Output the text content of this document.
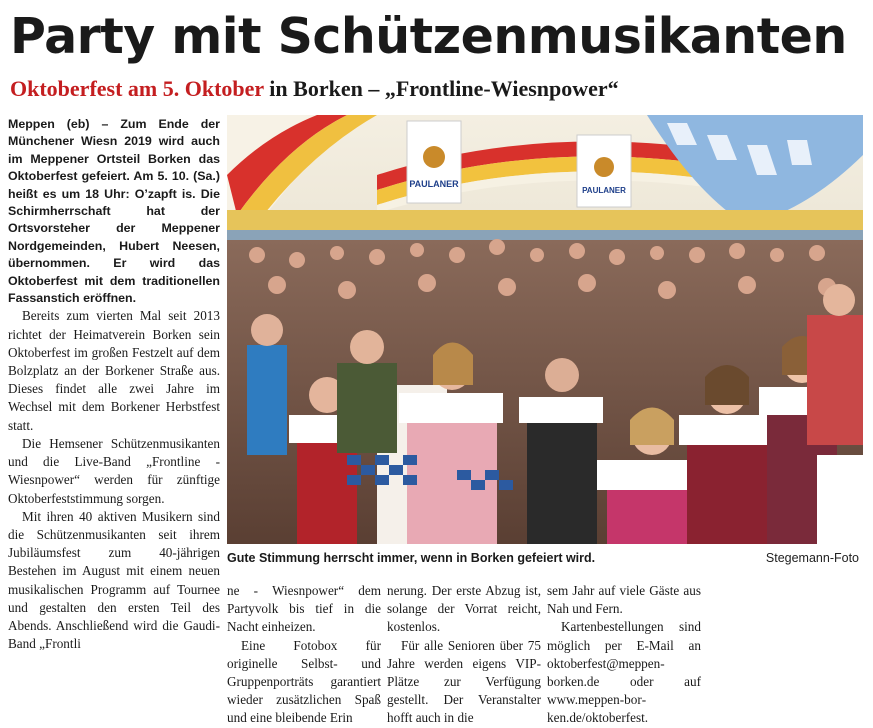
Party mit Schützenmusikanten
Oktoberfest am 5. Oktober in Borken – „Frontline-Wiesnpower“

Meppen (eb) – Zum Ende der Münchener Wiesn 2019 wird auch im Meppener Ortsteil Borken das Oktoberfest gefeiert. Am 5. 10. (Sa.) heißt es um 18 Uhr: O’zapft is. Die Schirmherrschaft hat der Ortsvorsteher der Meppener Nordgemeinden, Hubert Neesen, übernommen. Er wird das Oktoberfest mit dem traditionellen Fassanstich eröffnen.

Bereits zum vierten Mal seit 2013 richtet der Heimatverein Borken sein Oktoberfest im großen Festzelt auf dem Bolzplatz an der Borkener Straße aus. Dieses findet alle zwei Jahre im Wechsel mit dem Borkener Herbstfest statt.

Die Hemsener Schützenmusikanten und die Live-Band „Frontline - Wiesnpower“ werden für zünftige Oktoberfeststimmung sorgen.

Mit ihren 40 aktiven Musikern sind die Schützenmusikanten seit ihrem Jubiläumsfest zum 40-jährigen Bestehen im August mit einem neuen musikalischen Programm auf Tournee und gestalten den ersten Teil des Abends. Anschließend wird die Gaudi-Band „Frontli

PAULANER
PAULANER
Gute Stimmung herrscht immer, wenn in Borken gefeiert wird.	Stegemann-Foto

ne - Wiesnpower“ dem Partyvolk bis tief in die Nacht einheizen.

Eine Fotobox für originelle Selbst- und Gruppenporträts garantiert wieder zusätzlichen Spaß und eine bleibende Erin

nerung. Der erste Abzug ist, solange der Vorrat reicht, kostenlos.

Für alle Senioren über 75 Jahre werden eigens VIP-Plätze zur Verfügung gestellt. Der Veranstalter hofft auch in die

sem Jahr auf viele Gäste aus Nah und Fern.

Kartenbestellungen sind möglich per E-Mail an oktoberfest@meppen-borken.de oder auf www.meppen-borken.de/oktoberfest.
